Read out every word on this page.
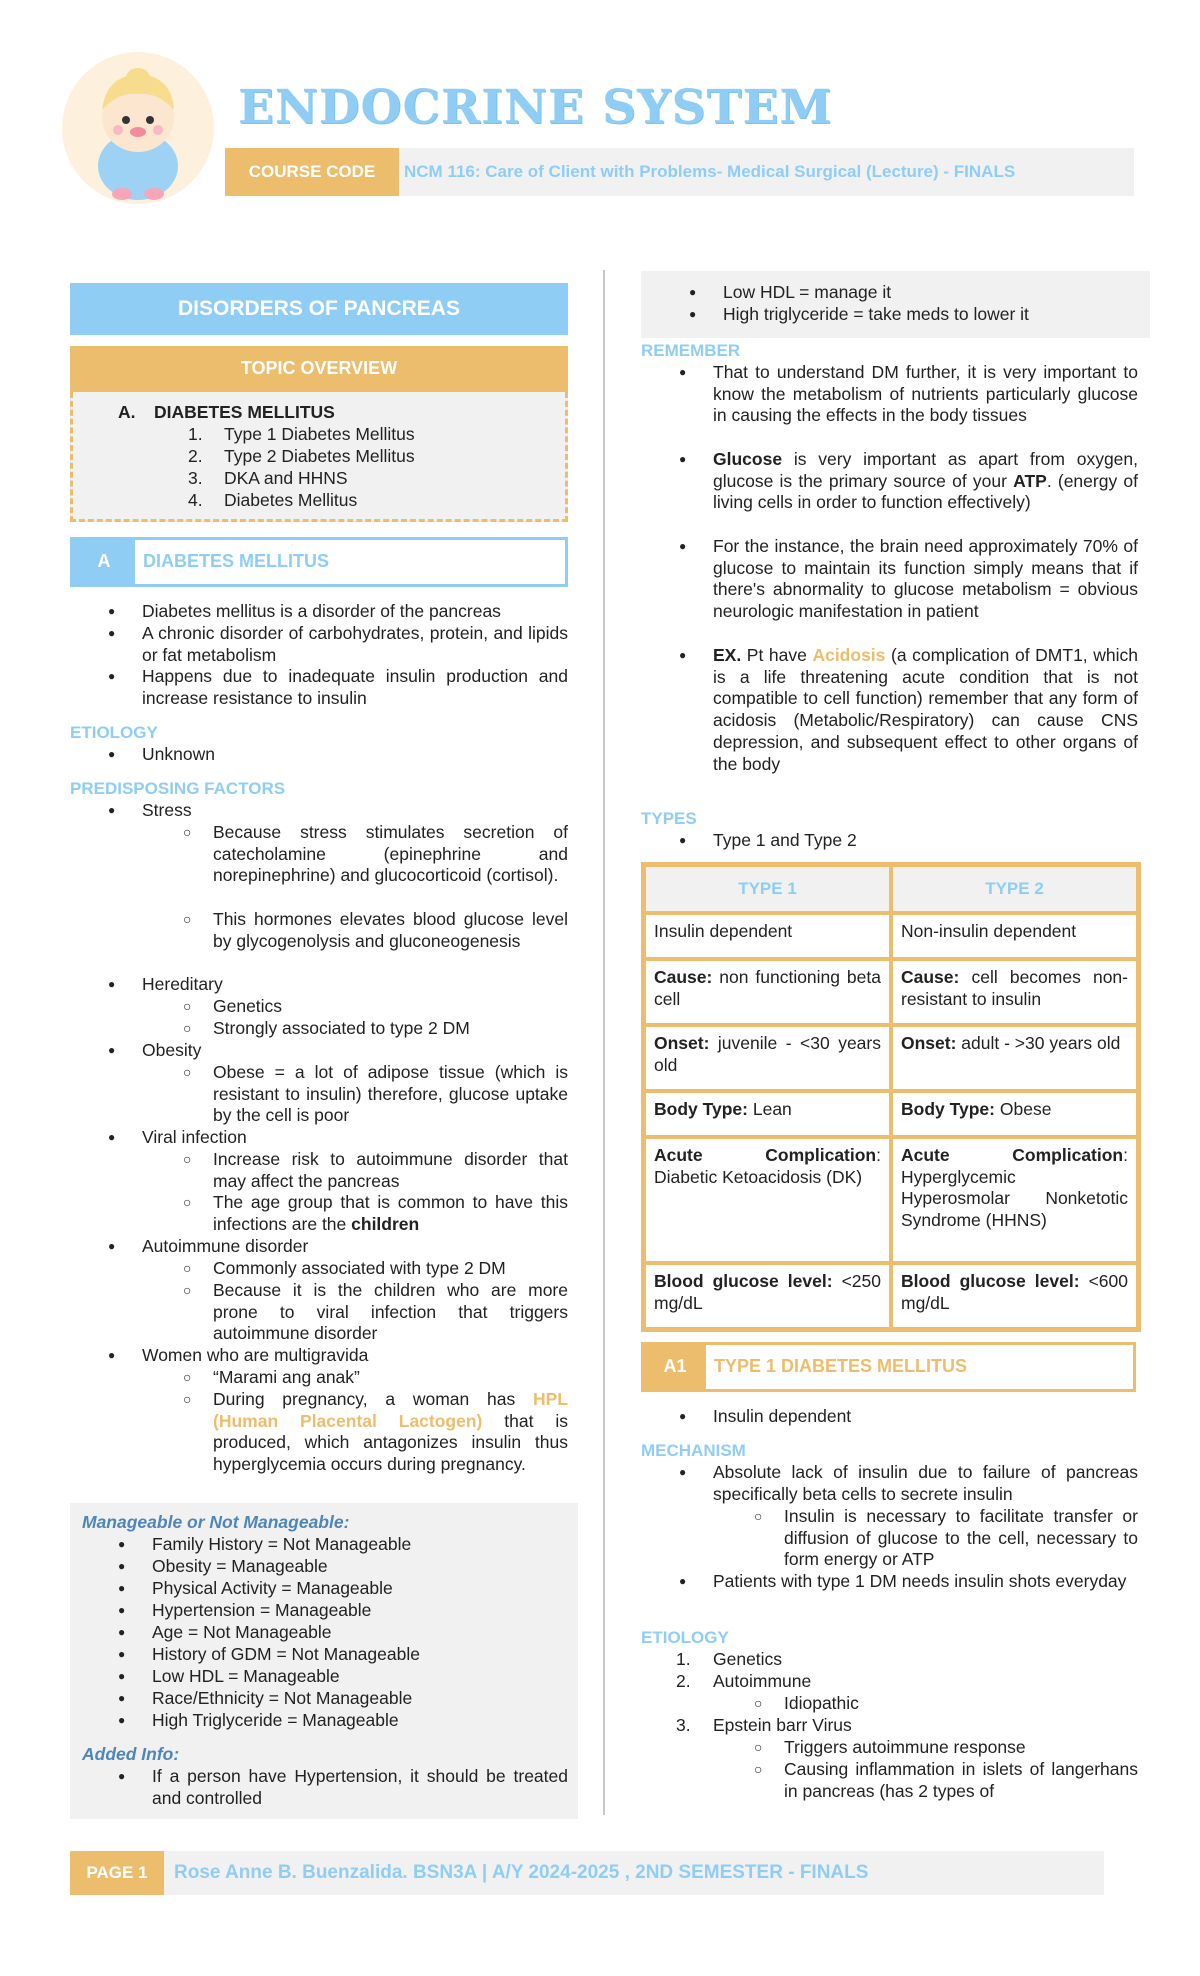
ENDOCRINE SYSTEM
COURSE CODE	NCM 116: Care of Client with Problems- Medical Surgical (Lecture) - FINALS
DISORDERS OF PANCREAS
TOPIC OVERVIEW
A. DIABETES MELLITUS
1. Type 1 Diabetes Mellitus
2. Type 2 Diabetes Mellitus
3. DKA and HHNS
4. Diabetes Mellitus
A	DIABETES MELLITUS
● Diabetes mellitus is a disorder of the pancreas
● A chronic disorder of carbohydrates, protein, and lipids or fat metabolism
● Happens due to inadequate insulin production and increase resistance to insulin
ETIOLOGY
● Unknown
PREDISPOSING FACTORS
● Stress
○ Because stress stimulates secretion of catecholamine (epinephrine and norepinephrine) and glucocorticoid (cortisol).
○ This hormones elevates blood glucose level by glycogenolysis and gluconeogenesis
● Hereditary
○ Genetics
○ Strongly associated to type 2 DM
● Obesity
○ Obese = a lot of adipose tissue (which is resistant to insulin) therefore, glucose uptake by the cell is poor
● Viral infection
○ Increase risk to autoimmune disorder that may affect the pancreas
○ The age group that is common to have this infections are the children
● Autoimmune disorder
○ Commonly associated with type 2 DM
○ Because it is the children who are more prone to viral infection that triggers autoimmune disorder
● Women who are multigravida
○ “Marami ang anak”
○ During pregnancy, a woman has HPL (Human Placental Lactogen) that is produced, which antagonizes insulin thus hyperglycemia occurs during pregnancy.
Manageable or Not Manageable:
● Family History = Not Manageable
● Obesity = Manageable
● Physical Activity = Manageable
● Hypertension = Manageable
● Age = Not Manageable
● History of GDM = Not Manageable
● Low HDL = Manageable
● Race/Ethnicity = Not Manageable
● High Triglyceride = Manageable
Added Info:
● If a person have Hypertension, it should be treated and controlled
● Low HDL = manage it
● High triglyceride = take meds to lower it
REMEMBER
● That to understand DM further, it is very important to know the metabolism of nutrients particularly glucose in causing the effects in the body tissues
● Glucose is very important as apart from oxygen, glucose is the primary source of your ATP. (energy of living cells in order to function effectively)
● For the instance, the brain need approximately 70% of glucose to maintain its function simply means that if there's abnormality to glucose metabolism = obvious neurologic manifestation in patient
● EX. Pt have Acidosis (a complication of DMT1, which is a life threatening acute condition that is not compatible to cell function) remember that any form of acidosis (Metabolic/Respiratory) can cause CNS depression, and subsequent effect to other organs of the body
TYPES
● Type 1 and Type 2
TYPE 1	TYPE 2
Insulin dependent	Non-insulin dependent
Cause: non functioning beta cell	Cause: cell becomes non-resistant to insulin
Onset: juvenile - <30 years old	Onset: adult - >30 years old
Body Type: Lean	Body Type: Obese
Acute Complication: Diabetic Ketoacidosis (DK)	Acute Complication: Hyperglycemic Hyperosmolar Nonketotic Syndrome (HHNS)
Blood glucose level: <250 mg/dL	Blood glucose level: <600 mg/dL
A1	TYPE 1 DIABETES MELLITUS
● Insulin dependent
MECHANISM
● Absolute lack of insulin due to failure of pancreas specifically beta cells to secrete insulin
○ Insulin is necessary to facilitate transfer or diffusion of glucose to the cell, necessary to form energy or ATP
● Patients with type 1 DM needs insulin shots everyday
ETIOLOGY
1. Genetics
2. Autoimmune
○ Idiopathic
3. Epstein barr Virus
○ Triggers autoimmune response
○ Causing inflammation in islets of langerhans in pancreas (has 2 types of
PAGE 1	Rose Anne B. Buenzalida. BSN3A | A/Y 2024-2025 , 2ND SEMESTER - FINALS
